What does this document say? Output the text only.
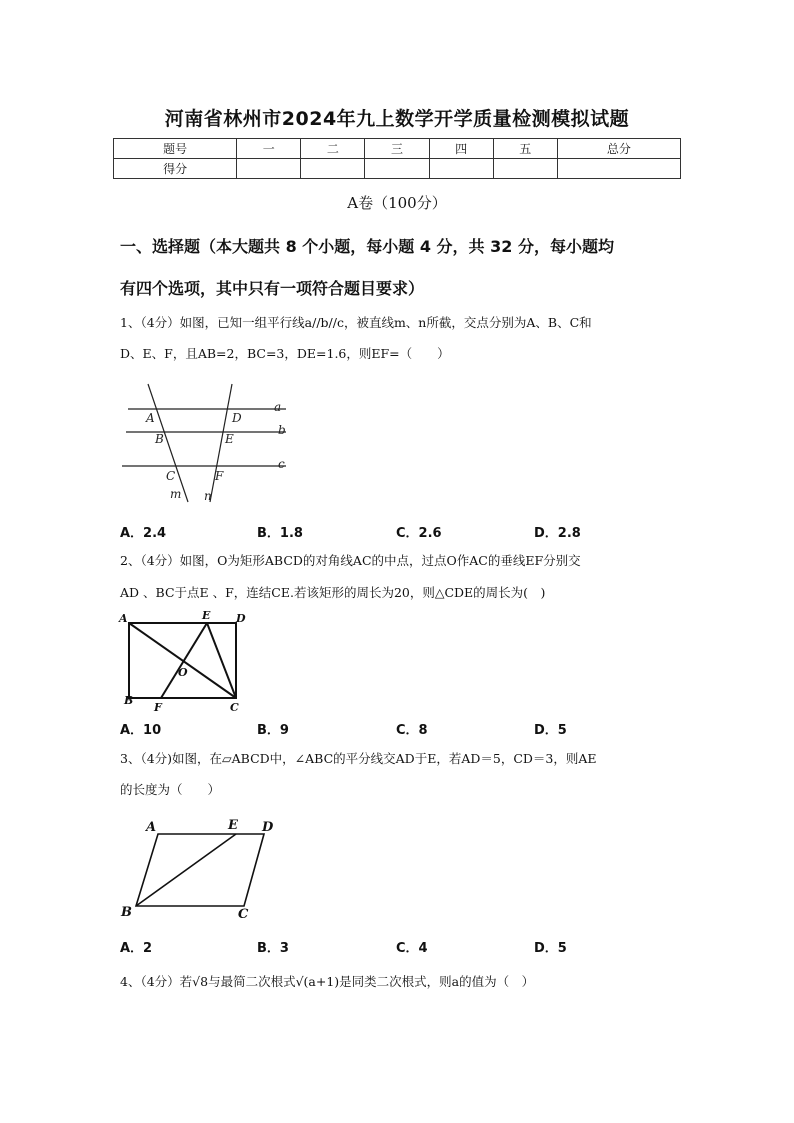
河南省林州市2024年九上数学开学质量检测模拟试题
题号	一	二	三	四	五	总分
得分						
A卷（100分）
一、选择题（本大题共 8 个小题，每小题 4 分，共 32 分，每小题均
有四个选项，其中只有一项符合题目要求）
1、（4分）如图，已知一组平行线a//b//c，被直线m、n所截，交点分别为A、B、C和
D、E、F，且AB=2，BC=3，DE=1.6，则EF=（　　）
A
B
C
D
E
F
a
b
c
m n
A．2.4	B．1.8	C．2.6	D．2.8
2、（4分）如图，O为矩形ABCD的对角线AC的中点，过点O作AC的垂线EF分别交
AD 、BC于点E 、F，连结CE.若该矩形的周长为20，则△CDE的周长为(　)
A	E D
O
B
F	C
A．10	B．9	C．8	D．5
3、（4分)如图，在▱ABCD中，∠ABC的平分线交AD于E，若AD＝5，CD＝3，则AE
的长度为（　　）
A	E D
B	C
A．2	B．3	C．4	D．5
4、（4分）若√8与最简二次根式√(a+1)是同类二次根式，则a的值为（　）
